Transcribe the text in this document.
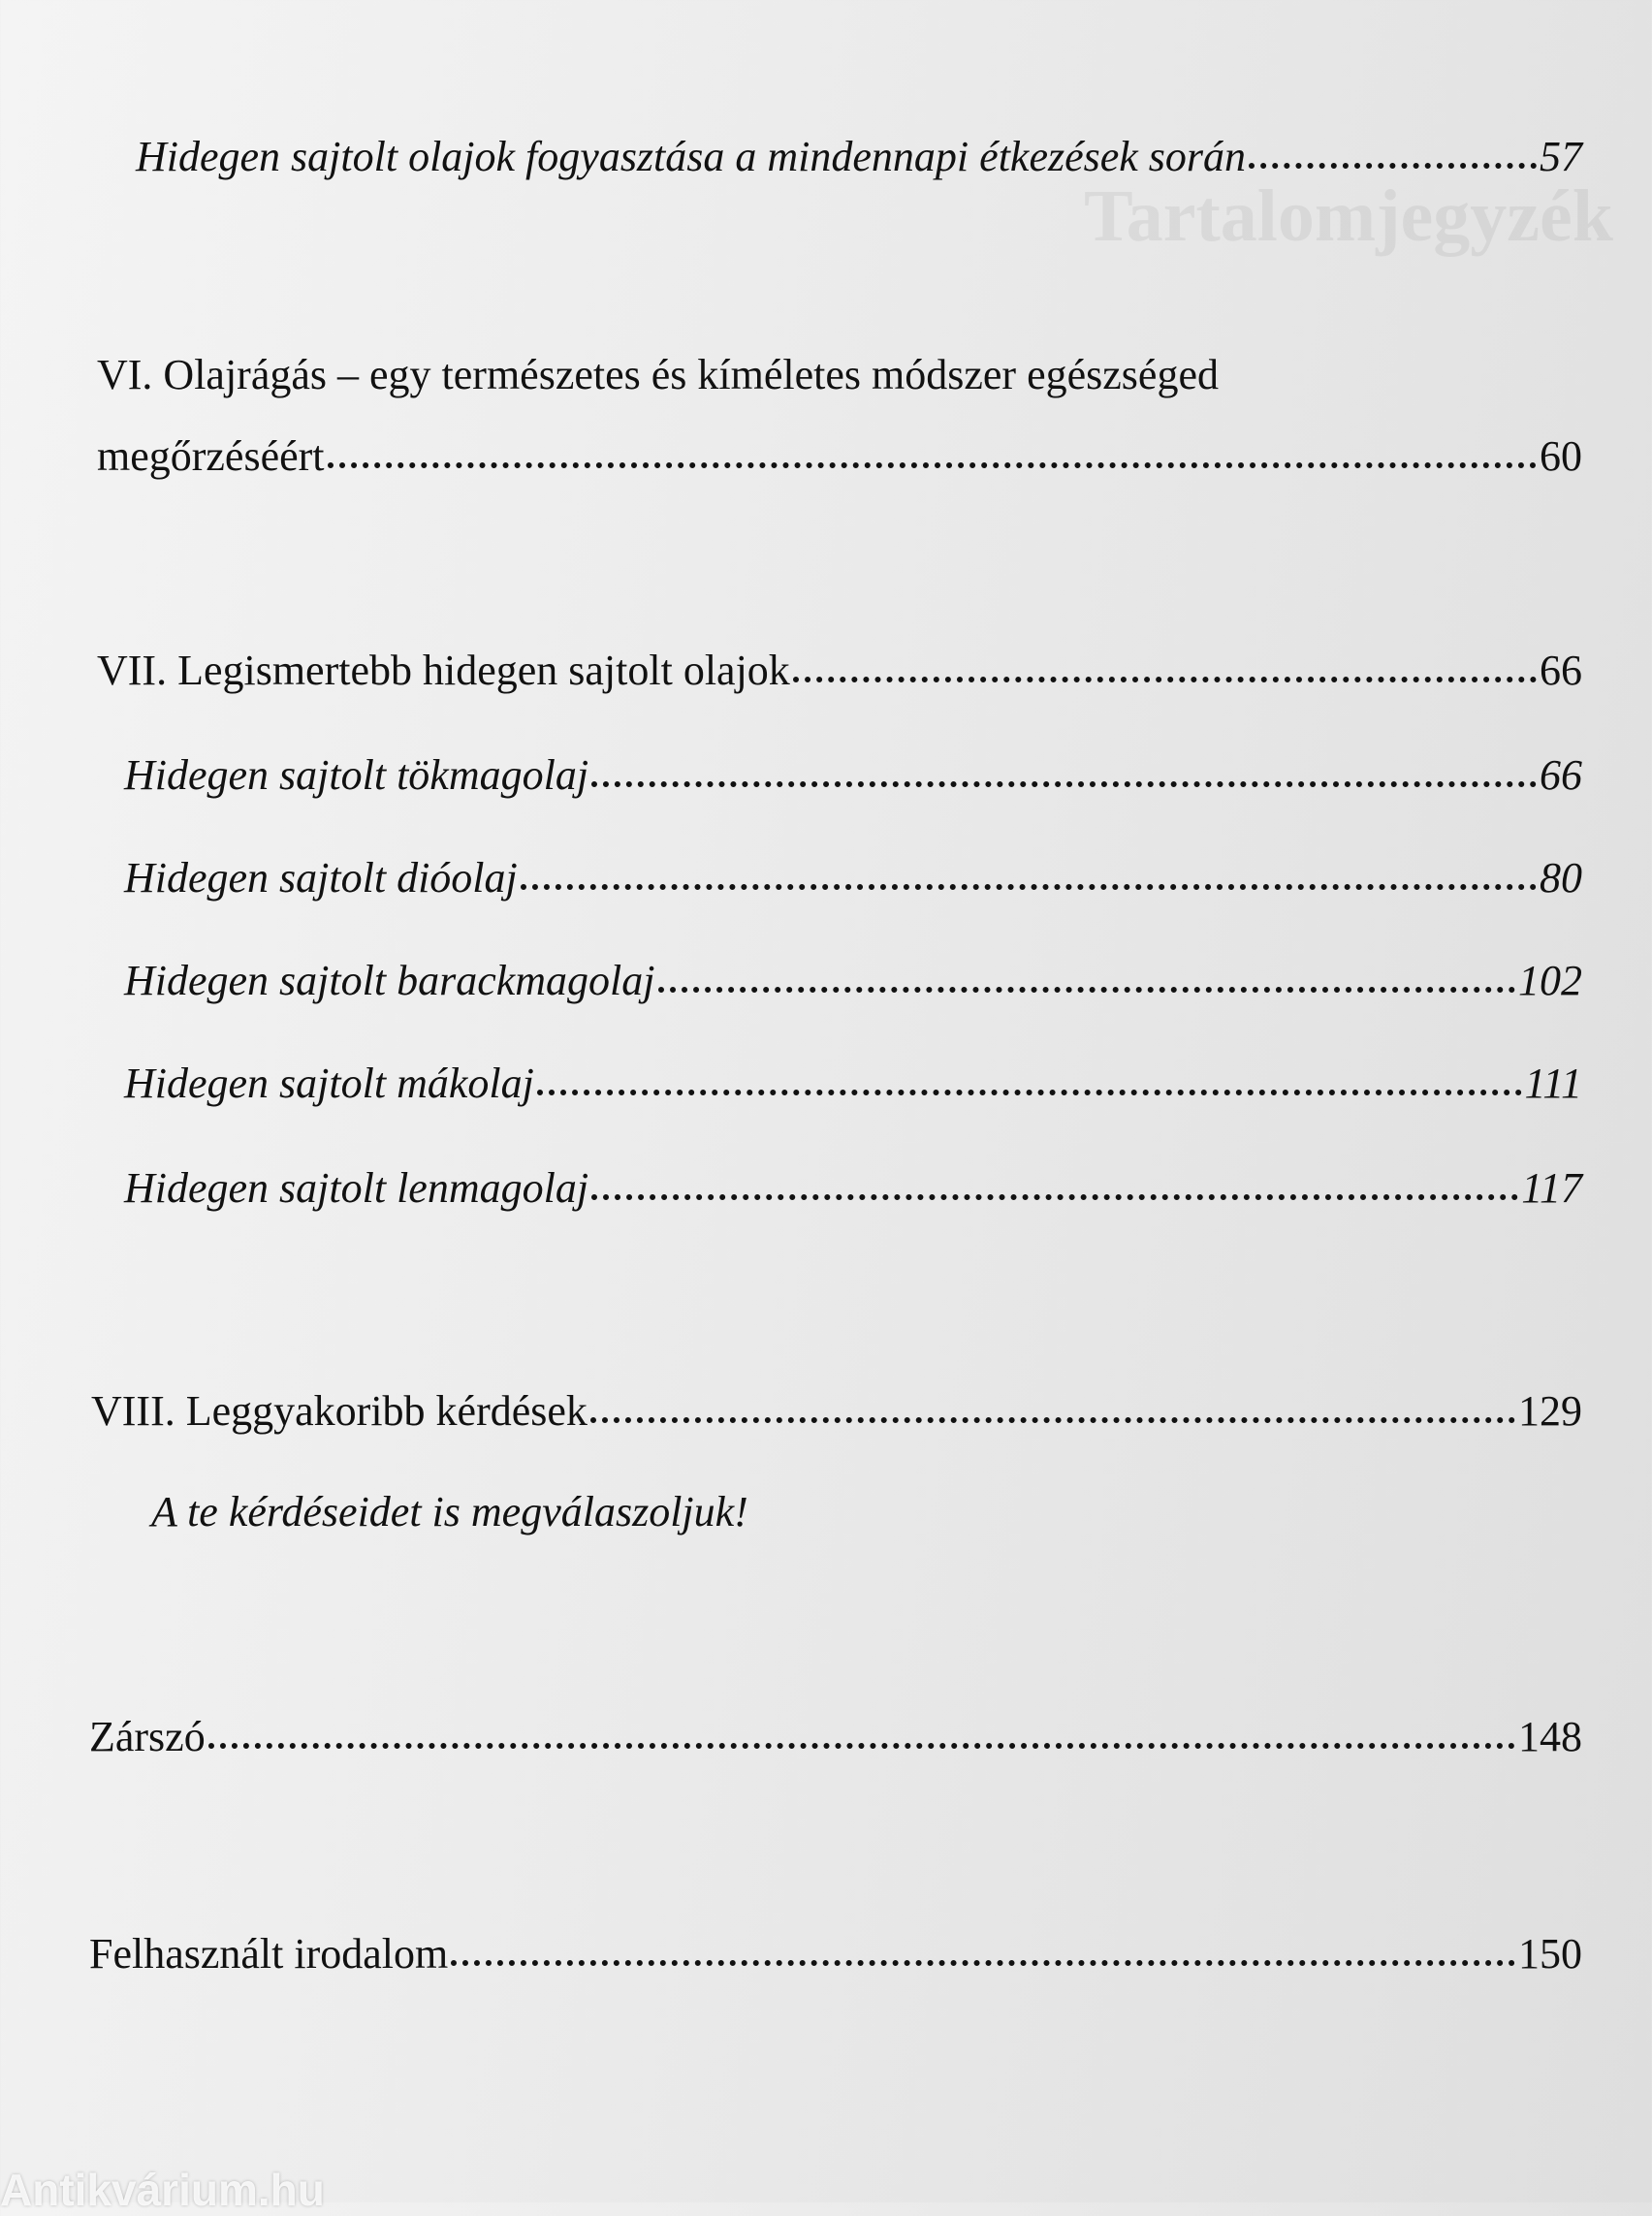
Tartalomjegyzék
Hidegen sajtolt olajok fogyasztása a mindennapi étkezések során	57
VI. Olajrágás – egy természetes és kíméletes módszer egészséged
megőrzéséért	60
VII. Legismertebb hidegen sajtolt olajok	66
Hidegen sajtolt tökmagolaj	66
Hidegen sajtolt dióolaj	80
Hidegen sajtolt barackmagolaj	102
Hidegen sajtolt mákolaj	111
Hidegen sajtolt lenmagolaj	117
VIII. Leggyakoribb kérdések	129
A te kérdéseidet is megválaszoljuk!
Zárszó	148
Felhasznált irodalom	150
Antikvárium.hu
